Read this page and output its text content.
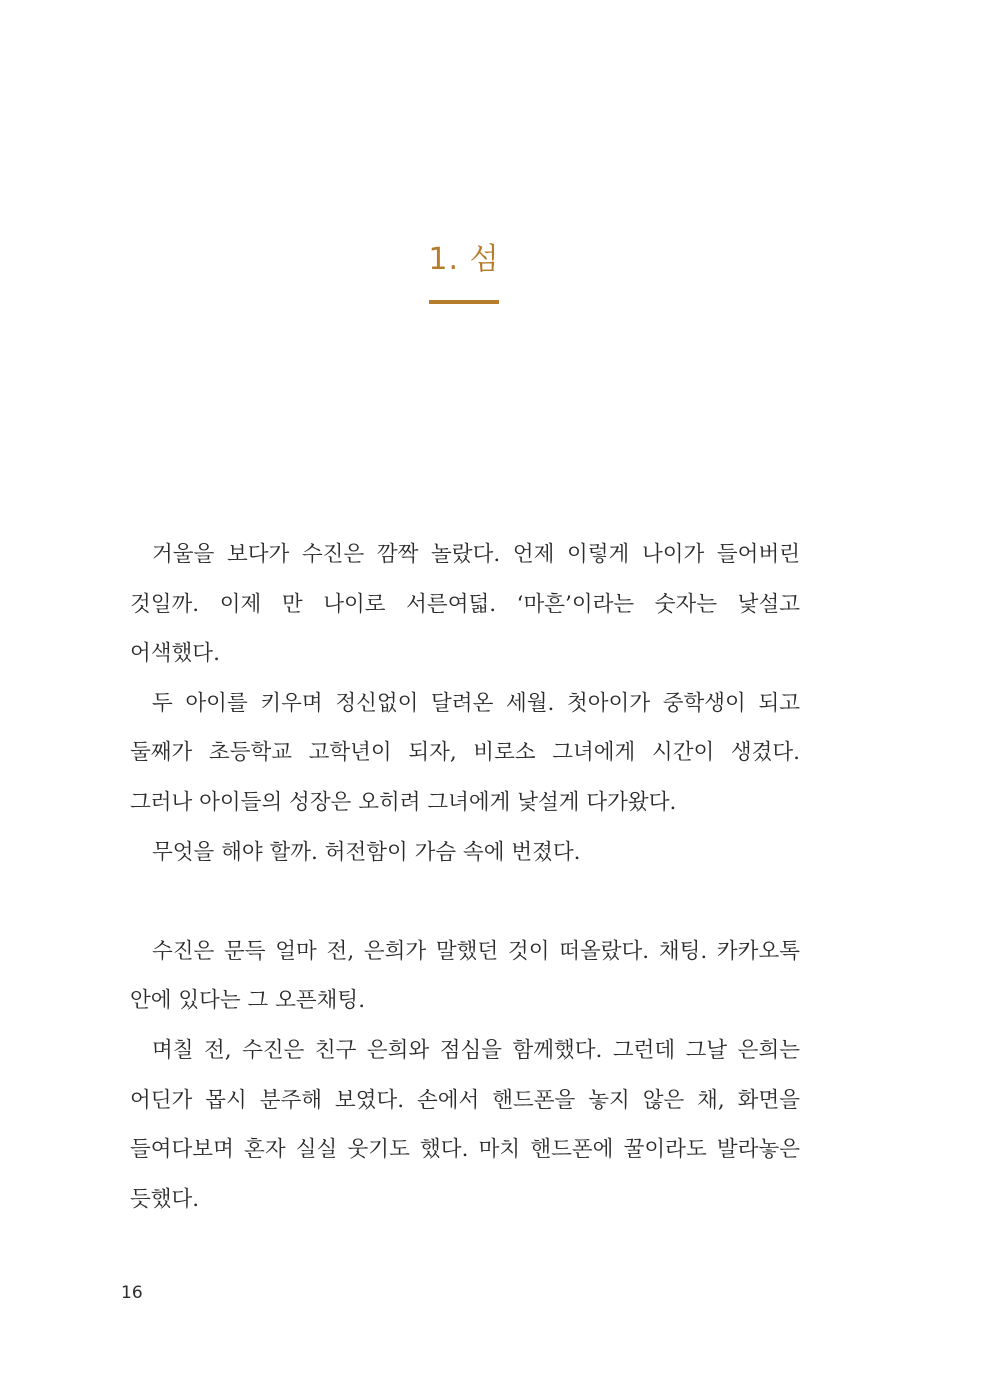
1. 섬

거울을 보다가 수진은 깜짝 놀랐다. 언제 이렇게 나이가 들어버린 것일까. 이제 만 나이로 서른여덟. ‘마흔’이라는 숫자는 낯설고 어색했다.

두 아이를 키우며 정신없이 달려온 세월. 첫아이가 중학생이 되고 둘째가 초등학교 고학년이 되자, 비로소 그녀에게 시간이 생겼다. 그러나 아이들의 성장은 오히려 그녀에게 낯설게 다가왔다.

무엇을 해야 할까. 허전함이 가슴 속에 번졌다.

수진은 문득 얼마 전, 은희가 말했던 것이 떠올랐다. 채팅. 카카오톡 안에 있다는 그 오픈채팅.

며칠 전, 수진은 친구 은희와 점심을 함께했다. 그런데 그날 은희는 어딘가 몹시 분주해 보였다. 손에서 핸드폰을 놓지 않은 채, 화면을 들여다보며 혼자 실실 웃기도 했다. 마치 핸드폰에 꿀이라도 발라놓은 듯했다.

16
